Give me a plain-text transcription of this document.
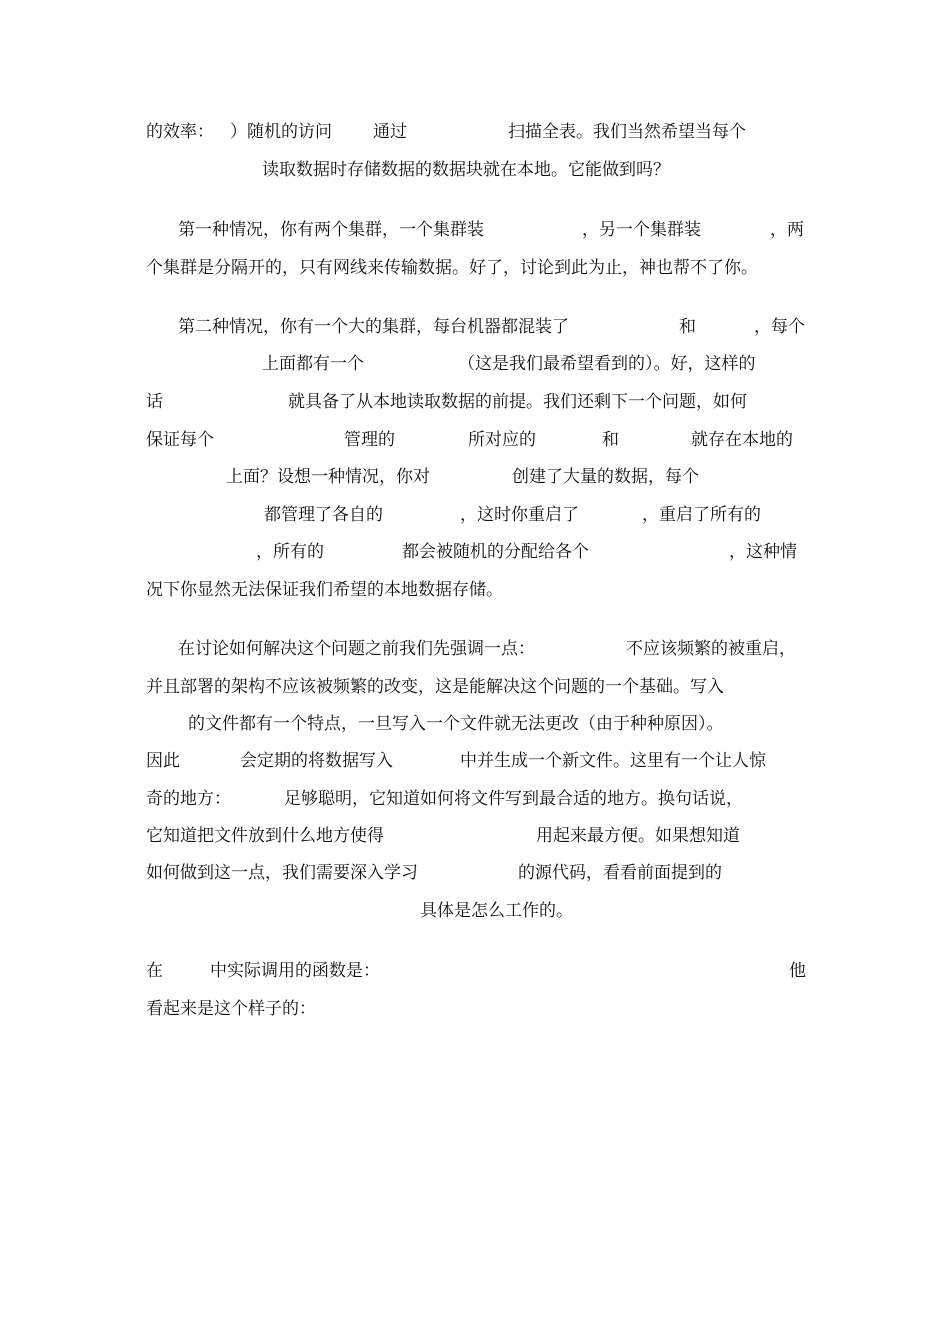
的效率： ）随机的访问 通过	扫描全表。我们当然希望当每个
读取数据时存储数据的数据块就在本地。它能做到吗？
第一种情况，你有两个集群，一个集群装	，另一个集群装	，两
个集群是分隔开的，只有网线来传输数据。好了，讨论到此为止，神也帮不了你。
第二种情况，你有一个大的集群，每台机器都混装了	和	，每个
上面都有一个	（这是我们最希望看到的）。好，这样的
话	就具备了从本地读取数据的前提。我们还剩下一个问题，如何
保证每个	管理的	所对应的	和	就存在本地的
上面？设想一种情况，你对	创建了大量的数据，每个
都管理了各自的	，这时你重启了	，重启了所有的
，所有的	都会被随机的分配给各个	，这种情
况下你显然无法保证我们希望的本地数据存储。
在讨论如何解决这个问题之前我们先强调一点：	不应该频繁的被重启，
并且部署的架构不应该被频繁的改变，这是能解决这个问题的一个基础。写入
的文件都有一个特点，一旦写入一个文件就无法更改（由于种种原因）。
因此	会定期的将数据写入	中并生成一个新文件。这里有一个让人惊
奇的地方：	足够聪明，它知道如何将文件写到最合适的地方。换句话说，
它知道把文件放到什么地方使得	用起来最方便。如果想知道
如何做到这一点，我们需要深入学习	的源代码，看看前面提到的
具体是怎么工作的。
在	中实际调用的函数是：	他
看起来是这个样子的：
